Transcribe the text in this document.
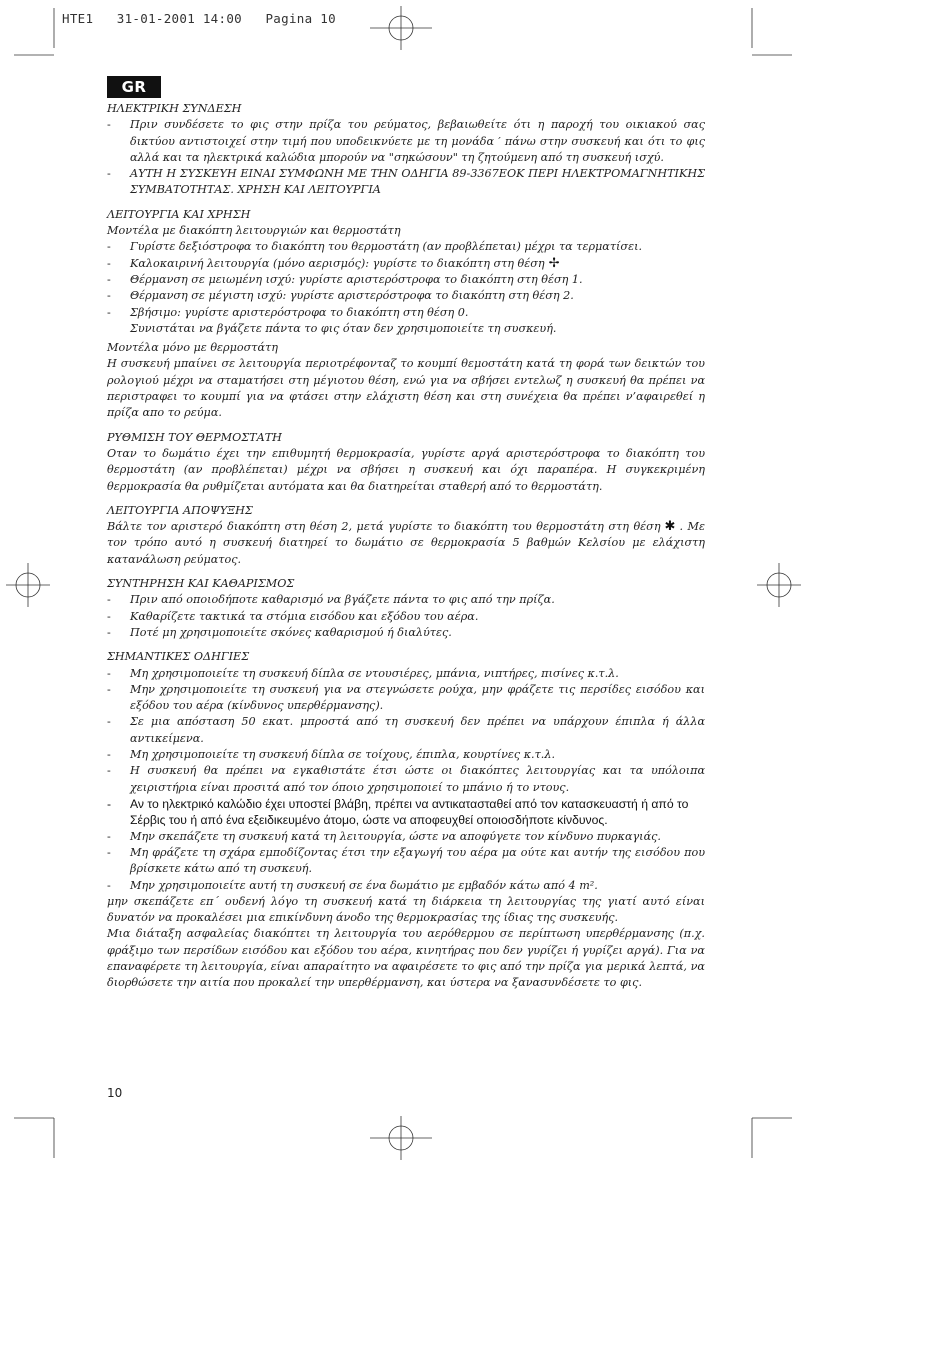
HTE1   31-01-2001 14:00   Pagina 10
GR

ΗΛΕΚΤΡΙΚΗ ΣΥΝΔΕΣΗ

-	Πριν συνδέσετε το φις στην πρίζα του ρεύματος, βεβαιωθείτε ότι η παροχή του οικιακού σας δικτύου αντιστοιχεί στην τιμή που υποδεικνύετε με τη μονάδα ′ πάνω στην συσκευή και ότι το φις αλλά και τα ηλεκτρικά καλώδια μπορούν να "σηκώσουν" τη ζητούμενη από τη συσκευή ισχύ.
-	ΑΥΤΗ Η ΣΥΣΚΕΥΗ ΕΙΝΑΙ ΣΥΜΦΩΝΗ ΜΕ ΤΗΝ ΟΔΗΓΙΑ 89-3367ΕΟΚ ΠΕΡΙ ΗΛΕΚΤΡΟΜΑΓΝΗΤΙΚΗΣ ΣΥΜΒΑΤΟΤΗΤΑΣ. ΧΡΗΣΗ ΚΑΙ ΛΕΙΤΟΥΡΓΙΑ

ΛΕΙΤΟΥΡΓΙΑ ΚΑΙ ΧΡΗΣΗ

Μοντέλα με διακόπτη λειτουργιών και θερμοστάτη

-	Γυρίστε δεξιόστροφα το διακόπτη του θερμοστάτη (αν προβλέπεται) μέχρι τα τερματίσει.
-	Καλοκαιρινή λειτουργία (μόνο αερισμός): γυρίστε το διακόπτη στη θέση ✢
-	Θέρμανση σε μειωμένη ισχύ: γυρίστε αριστερόστροφα το διακόπτη στη θέση 1.
-	Θέρμανση σε μέγιστη ισχύ: γυρίστε αριστερόστροφα το διακόπτη στη θέση 2.
-	Σβήσιμο: γυρίστε αριστερόστροφα το διακόπτη στη θέση 0.

Συνιστάται να βγάζετε πάντα το φις όταν δεν χρησιμοποιείτε τη συσκευή.

Μοντέλα μόνο με θερμοστάτη

Η συσκευή μπαίνει σε λειτουργία περιοτρέφονταζ το κουμπί θεμοστάτη κατά τη φορά των δεικτών του ρολογιού μέχρι να σταματήσει στη μέγιοτου θέση, ενώ για να σβήσει εντελωζ η συσκευή θα πρέπει να περιστραφει το κουμπί για να φτάσει στην ελάχιστη θέση και στη συνέχεια θα πρέπει ν’αφαιρεθεί η πρίζα απο το ρεύμα.

ΡΥΘΜΙΣΗ ΤΟΥ ΘΕΡΜΟΣΤΑΤΗ

Οταν το δωμάτιο έχει την επιθυμητή θερμοκρασία, γυρίστε αργά αριστερόστροφα το διακόπτη του θερμοστάτη (αν προβλέπεται) μέχρι να σβήσει η συσκευή και όχι παραπέρα. Η συγκεκριμένη θερμοκρασία θα ρυθμίζεται αυτόματα και θα διατηρείται σταθερή από το θερμοστάτη.

ΛΕΙΤΟΥΡΓΙΑ ΑΠΟΨΥΞΗΣ

Βάλτε τον αριστερό διακόπτη στη θέση 2, μετά γυρίστε το διακόπτη του θερμοστάτη στη θέση ✱ . Με τον τρόπο αυτό η συσκευή διατηρεί το δωμάτιο σε θερμοκρασία 5 βαθμών Κελσίου με ελάχιστη κατανάλωση ρεύματος.

ΣΥΝΤΗΡΗΣΗ ΚΑΙ ΚΑΘΑΡΙΣΜΟΣ

-	Πριν από οποιοδήποτε καθαρισμό να βγάζετε πάντα το φις από την πρίζα.
-	Καθαρίζετε τακτικά τα στόμια εισόδου και εξόδου του αέρα.
-	Ποτέ μη χρησιμοποιείτε σκόνες καθαρισμού ή διαλύτες.

ΣΗΜΑΝΤΙΚΕΣ ΟΔΗΓΙΕΣ

-	Μη χρησιμοποιείτε τη συσκευή δίπλα σε ντουσιέρες, μπάνια, νιπτήρες, πισίνες κ.τ.λ.
-	Μην χρησιμοποιείτε τη συσκευή για να στεγνώσετε ρούχα, μην φράζετε τις περσίδες εισόδου και εξόδου του αέρα (κίνδυνος υπερθέρμανσης).
-	Σε μια απόσταση 50 εκατ. μπροστά από τη συσκευή δεν πρέπει να υπάρχουν έπιπλα ή άλλα αντικείμενα.
-	Μη χρησιμοποιείτε τη συσκευή δίπλα σε τοίχους, έπιπλα, κουρτίνες κ.τ.λ.
-	Η συσκευή θα πρέπει να εγκαθιστάτε έτσι ώστε οι διακόπτες λειτουργίας και τα υπόλοιπα χειριστήρια είναι προσιτά από τον όποιο χρησιμοποιεί το μπάνιο ή το ντους.
-	Αν το ηλεκτρικό καλώδιο έχει υποστεί βλάβη, πρέπει να αντικατασταθεί από τον κατασκευαστή ή από το Σέρβις του ή από ένα εξειδικευμένο άτομο, ώστε να αποφευχθεί οποιοσδήποτε κίνδυνος.
-	Μην σκεπάζετε τη συσκευή κατά τη λειτουργία, ώστε να αποφύγετε τον κίνδυνο πυρκαγιάς.
-	Μη φράζετε τη σχάρα εμποδίζοντας έτσι την εξαγωγή του αέρα μα ούτε και αυτήν της εισόδου που βρίσκετε κάτω από τη συσκευή.
-	Μην χρησιμοποιείτε αυτή τη συσκευή σε ένα δωμάτιο με εμβαδόν κάτω από 4 m².

μην σκεπάζετε επ΄ ουδενή λόγο τη συσκευή κατά τη διάρκεια τη λειτουργίας της γιατί αυτό είναι δυνατόν να προκαλέσει μια επικίνδυνη άνοδο της θερμοκρασίας της ίδιας της συσκευής.

Μια διάταξη ασφαλείας διακόπτει τη λειτουργία του αερόθερμου σε περίπτωση υπερθέρμανσης (π.χ. φράξιμο των περσίδων εισόδου και εξόδου του αέρα, κινητήρας που δεν γυρίζει ή γυρίζει αργά). Για να επαναφέρετε τη λειτουργία, είναι απαραίτητο να αφαιρέσετε το φις από την πρίζα για μερικά λεπτά, να διορθώσετε την αιτία που προκαλεί την υπερθέρμανση, και ύστερα να ξανασυνδέσετε το φις.

10
